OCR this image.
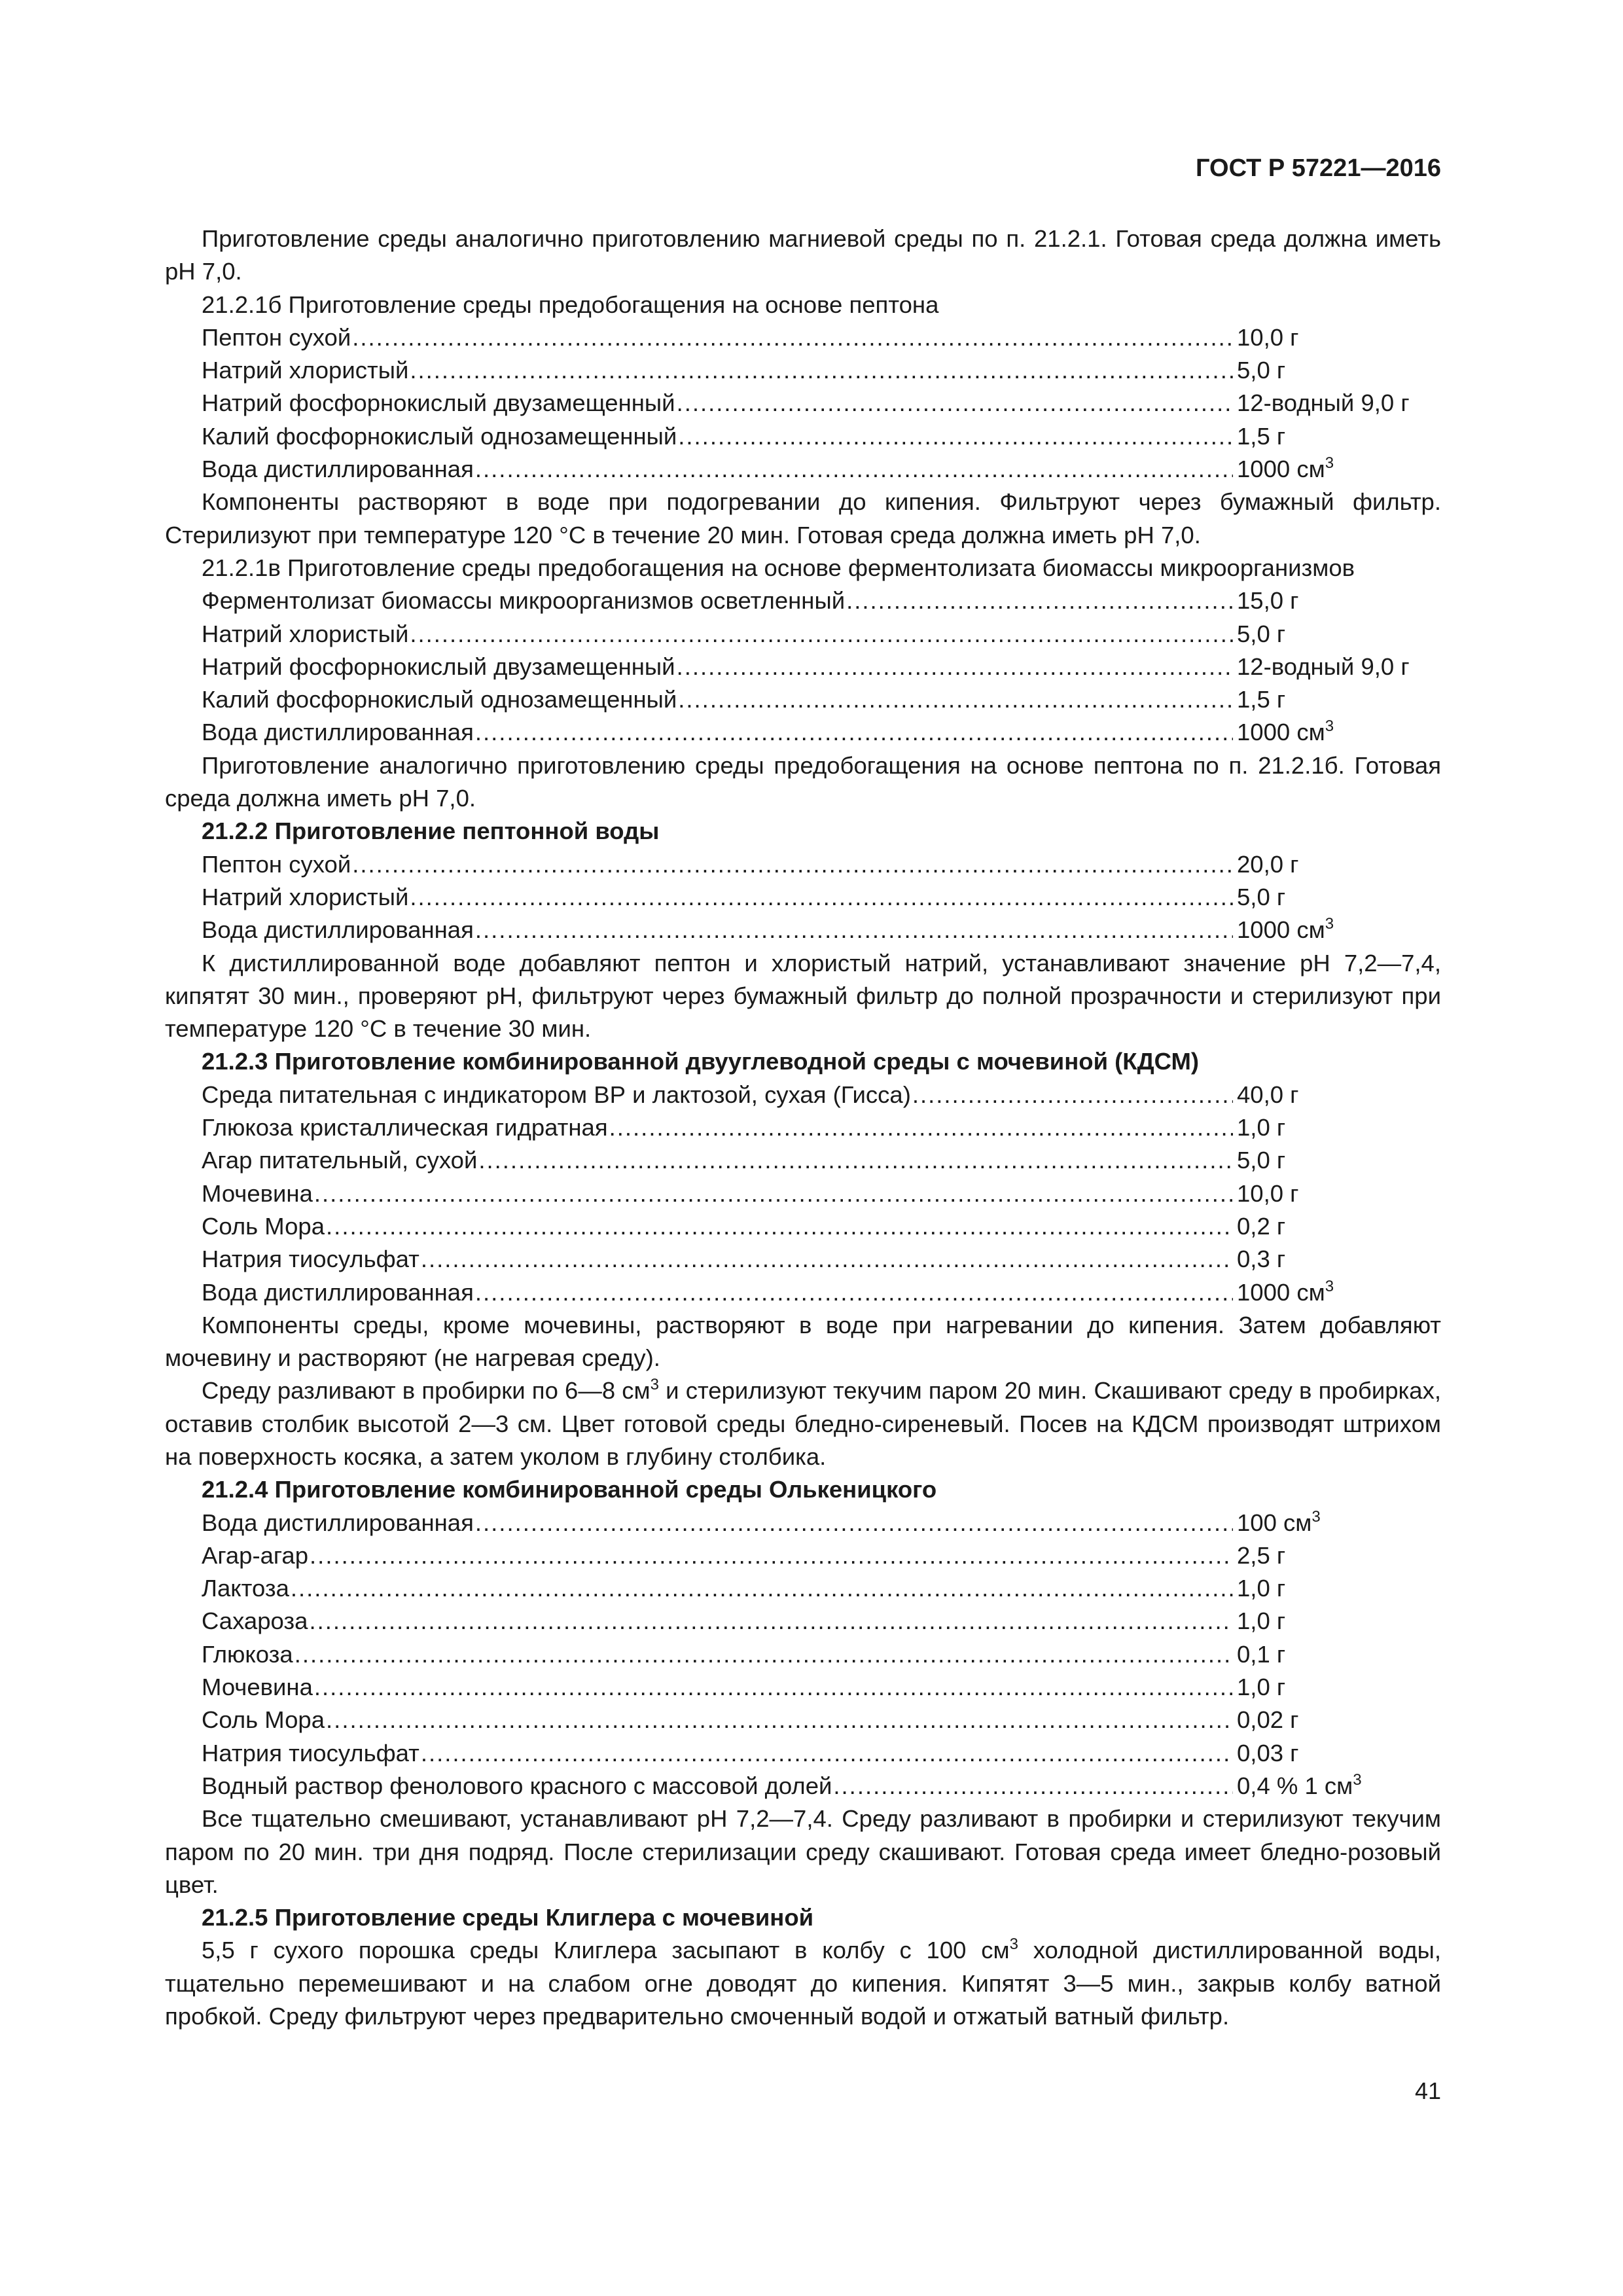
ГОСТ Р 57221—2016

Приготовление среды аналогично приготовлению магниевой среды по п. 21.2.1. Готовая среда должна иметь pH 7,0.

21.2.1б Приготовление среды предобогащения на основе пептона

Пептон сухой .....	10,0 г
Натрий хлористый .....	5,0 г
Натрий фосфорнокислый двузамещенный .....	12-водный 9,0 г
Калий фосфорнокислый однозамещенный .....	1,5 г
Вода дистиллированная .....	1000 $см^3$

Компоненты растворяют в воде при подогревании до кипения. Фильтруют через бумажный фильтр. Стерилизуют при температуре 120 °С в течение 20 мин. Готовая среда должна иметь pH 7,0.

21.2.1в Приготовление среды предобогащения на основе ферментолизата биомассы микроорганизмов

Ферментолизат биомассы микроорганизмов осветленный .....	15,0 г
Натрий хлористый .....	5,0 г
Натрий фосфорнокислый двузамещенный .....	12-водный 9,0 г
Калий фосфорнокислый однозамещенный .....	1,5 г
Вода дистиллированная .....	1000 $см^3$

Приготовление аналогично приготовлению среды предобогащения на основе пептона по п. 21.2.1б. Готовая среда должна иметь pH 7,0.

21.2.2 Приготовление пептонной воды

Пептон сухой .....	20,0 г
Натрий хлористый .....	5,0 г
Вода дистиллированная .....	1000 $см^3$

К дистиллированной воде добавляют пептон и хлористый натрий, устанавливают значение pH 7,2—7,4, кипятят 30 мин., проверяют pH, фильтруют через бумажный фильтр до полной прозрачности и стерилизуют при температуре 120 °С в течение 30 мин.

21.2.3 Приготовление комбинированной двууглеводной среды с мочевиной (КДСМ)

Среда питательная с индикатором ВР и лактозой, сухая (Гисса) .....	40,0 г
Глюкоза кристаллическая гидратная .....	1,0 г
Агар питательный, сухой .....	5,0 г
Мочевина .....	10,0 г
Соль Мора .....	0,2 г
Натрия тиосульфат .....	0,3 г
Вода дистиллированная .....	1000 $см^3$

Компоненты среды, кроме мочевины, растворяют в воде при нагревании до кипения. Затем добавляют мочевину и растворяют (не нагревая среду).

Среду разливают в пробирки по 6—8 $см^3$ и стерилизуют текучим паром 20 мин. Скашивают среду в пробирках, оставив столбик высотой 2—3 см. Цвет готовой среды бледно-сиреневый. Посев на КДСМ производят штрихом на поверхность косяка, а затем уколом в глубину столбика.

21.2.4 Приготовление комбинированной среды Олькеницкого

Вода дистиллированная .....	100 $см^3$
Агар-агар .....	2,5 г
Лактоза .....	1,0 г
Сахароза .....	1,0 г
Глюкоза .....	0,1 г
Мочевина .....	1,0 г
Соль Мора .....	0,02 г
Натрия тиосульфат .....	0,03 г
Водный раствор фенолового красного с массовой долей .....	0,4 % 1 $см^3$

Все тщательно смешивают, устанавливают pH 7,2—7,4. Среду разливают в пробирки и стерилизуют текучим паром по 20 мин. три дня подряд. После стерилизации среду скашивают. Готовая среда имеет бледно-розовый цвет.

21.2.5 Приготовление среды Клиглера с мочевиной

5,5 г сухого порошка среды Клиглера засыпают в колбу с 100 $см^3$ холодной дистиллированной воды, тщательно перемешивают и на слабом огне доводят до кипения. Кипятят 3—5 мин., закрыв колбу ватной пробкой. Среду фильтруют через предварительно смоченный водой и отжатый ватный фильтр.

41
